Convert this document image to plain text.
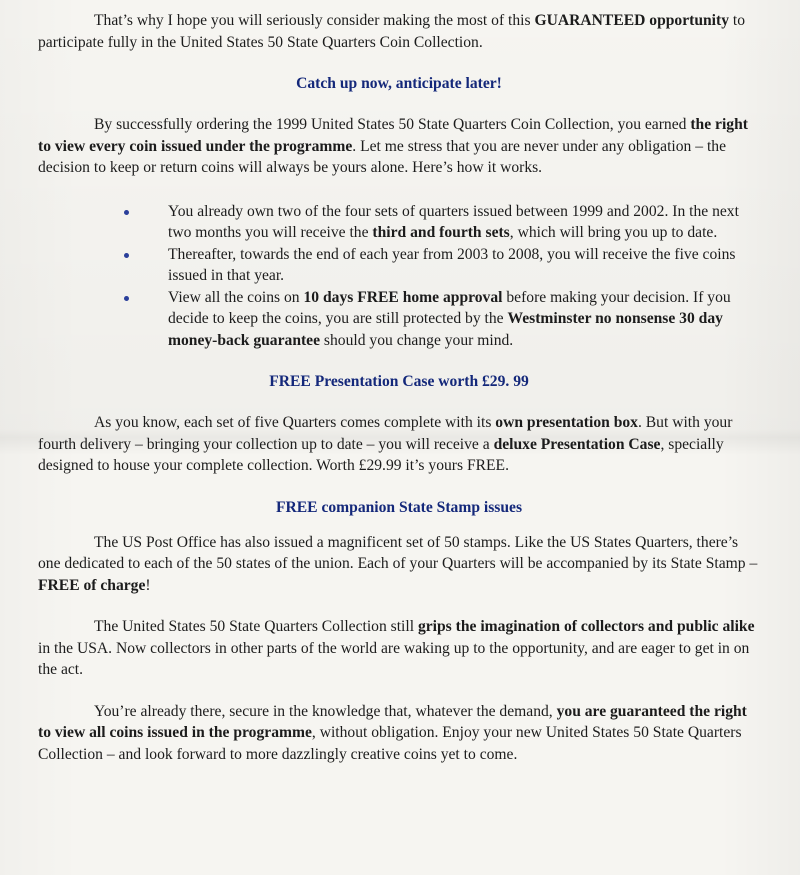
That’s why I hope you will seriously consider making the most of this GUARANTEED opportunity to participate fully in the United States 50 State Quarters Coin Collection.

Catch up now, anticipate later!

By successfully ordering the 1999 United States 50 State Quarters Coin Collection, you earned the right to view every coin issued under the programme. Let me stress that you are never under any obligation – the decision to keep or return coins will always be yours alone. Here’s how it works.

You already own two of the four sets of quarters issued between 1999 and 2002. In the next two months you will receive the third and fourth sets, which will bring you up to date.
Thereafter, towards the end of each year from 2003 to 2008, you will receive the five coins issued in that year.
View all the coins on 10 days FREE home approval before making your decision. If you decide to keep the coins, you are still protected by the Westminster no nonsense 30 day money-back guarantee should you change your mind.
FREE Presentation Case worth £29. 99

As you know, each set of five Quarters comes complete with its own presentation box. But with your fourth delivery – bringing your collection up to date – you will receive a deluxe Presentation Case, specially designed to house your complete collection. Worth £29.99 it’s yours FREE.

FREE companion State Stamp issues

The US Post Office has also issued a magnificent set of 50 stamps. Like the US States Quarters, there’s one dedicated to each of the 50 states of the union. Each of your Quarters will be accompanied by its State Stamp – FREE of charge!

The United States 50 State Quarters Collection still grips the imagination of collectors and public alike in the USA. Now collectors in other parts of the world are waking up to the opportunity, and are eager to get in on the act.

You’re already there, secure in the knowledge that, whatever the demand, you are guaranteed the right to view all coins issued in the programme, without obligation. Enjoy your new United States 50 State Quarters Collection – and look forward to more dazzlingly creative coins yet to come.
